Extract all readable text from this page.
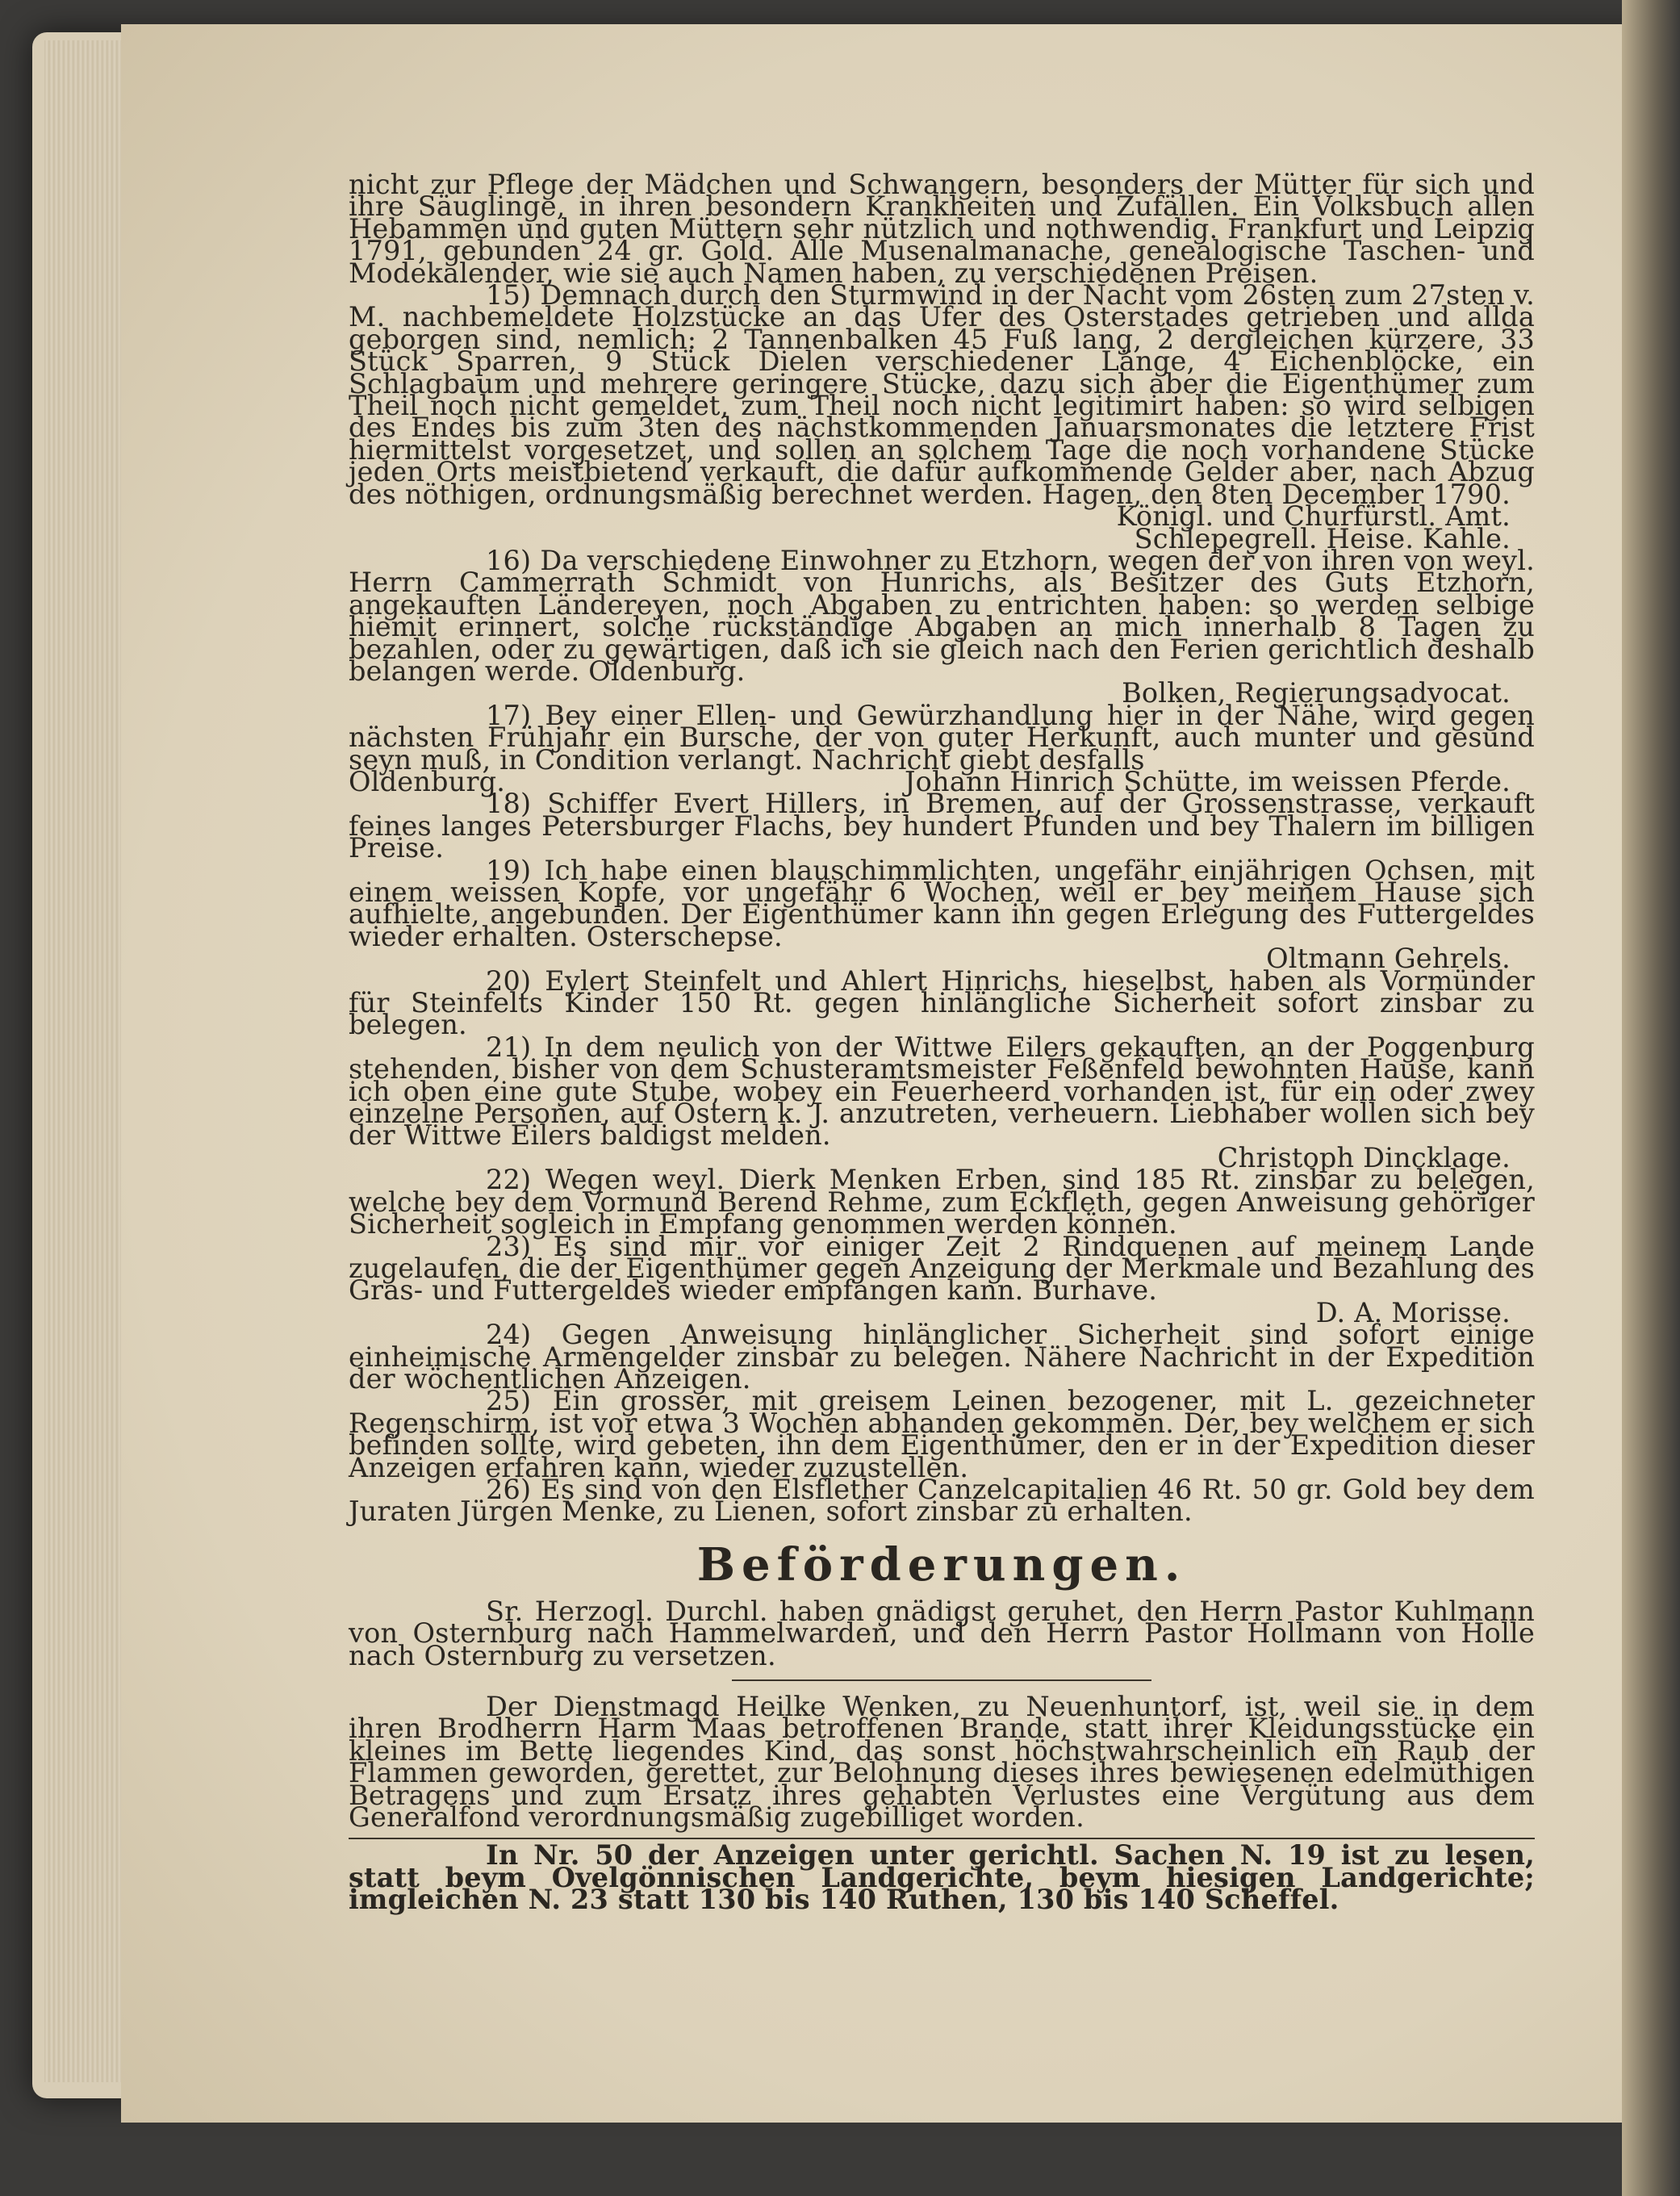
nicht zur Pflege der Mädchen und Schwangern, besonders der Mütter für sich und ihre Säuglinge, in ihren besondern Krankheiten und Zufällen. Ein Volksbuch allen Hebammen und guten Müttern sehr nützlich und nothwendig. Frankfurt und Leipzig 1791, gebunden 24 gr. Gold. Alle Musenalmanache, genealogische Taschen- und Modekalender, wie sie auch Namen haben, zu verschiedenen Preisen.

15) Demnach durch den Sturmwind in der Nacht vom 26sten zum 27sten v. M. nachbemeldete Holzstücke an das Ufer des Osterstades getrieben und allda geborgen sind, nemlich: 2 Tannenbalken 45 Fuß lang, 2 dergleichen kürzere, 33 Stück Sparren, 9 Stück Dielen verschiedener Länge, 4 Eichenblöcke, ein Schlagbaum und mehrere geringere Stücke, dazu sich aber die Eigenthümer zum Theil noch nicht gemeldet, zum Theil noch nicht legitimirt haben: so wird selbigen des Endes bis zum 3ten des nächstkommenden Januarsmonates die letztere Frist hiermittelst vorgesetzet, und sollen an solchem Tage die noch vorhandene Stücke jeden Orts meistbietend verkauft, die dafür aufkommende Gelder aber, nach Abzug des nöthigen, ordnungsmäßig berechnet werden. Hagen, den 8ten December 1790.

Königl. und Churfürstl. Amt.
Schlepegrell. Heise. Kahle.

16) Da verschiedene Einwohner zu Etzhorn, wegen der von ihren von weyl. Herrn Cammerrath Schmidt von Hunrichs, als Besitzer des Guts Etzhorn, angekauften Ländereyen, noch Abgaben zu entrichten haben: so werden selbige hiemit erinnert, solche rückständige Abgaben an mich innerhalb 8 Tagen zu bezahlen, oder zu gewärtigen, daß ich sie gleich nach den Ferien gerichtlich deshalb belangen werde. Oldenburg.

Bolken, Regierungsadvocat.

17) Bey einer Ellen- und Gewürzhandlung hier in der Nähe, wird gegen nächsten Frühjahr ein Bursche, der von guter Herkunft, auch munter und gesund seyn muß, in Condition verlangt. Nachricht giebt desfalls

Oldenburg.	Johann Hinrich Schütte, im weissen Pferde.

18) Schiffer Evert Hillers, in Bremen, auf der Grossenstrasse, verkauft feines langes Petersburger Flachs, bey hundert Pfunden und bey Thalern im billigen Preise.

19) Ich habe einen blauschimmlichten, ungefähr einjährigen Ochsen, mit einem weissen Kopfe, vor ungefähr 6 Wochen, weil er bey meinem Hause sich aufhielte, angebunden. Der Eigenthümer kann ihn gegen Erlegung des Futtergeldes wieder erhalten. Osterschepse.

Oltmann Gehrels.

20) Eylert Steinfelt und Ahlert Hinrichs, hieselbst, haben als Vormünder für Steinfelts Kinder 150 Rt. gegen hinlängliche Sicherheit sofort zinsbar zu belegen.

21) In dem neulich von der Wittwe Eilers gekauften, an der Poggenburg stehenden, bisher von dem Schusteramtsmeister Feßenfeld bewohnten Hause, kann ich oben eine gute Stube, wobey ein Feuerheerd vorhanden ist, für ein oder zwey einzelne Personen, auf Ostern k. J. anzutreten, verheuern. Liebhaber wollen sich bey der Wittwe Eilers baldigst melden.

Christoph Dincklage.

22) Wegen weyl. Dierk Menken Erben, sind 185 Rt. zinsbar zu belegen, welche bey dem Vormund Berend Rehme, zum Eckfleth, gegen Anweisung gehöriger Sicherheit sogleich in Empfang genommen werden können.

23) Es sind mir vor einiger Zeit 2 Rindquenen auf meinem Lande zugelaufen, die der Eigenthümer gegen Anzeigung der Merkmale und Bezahlung des Gras- und Futtergeldes wieder empfangen kann. Burhave.

D. A. Morisse.

24) Gegen Anweisung hinlänglicher Sicherheit sind sofort einige einheimische Armengelder zinsbar zu belegen. Nähere Nachricht in der Expedition der wöchentlichen Anzeigen.

25) Ein grosser, mit greisem Leinen bezogener, mit L. gezeichneter Regenschirm, ist vor etwa 3 Wochen abhanden gekommen. Der, bey welchem er sich befinden sollte, wird gebeten, ihn dem Eigenthümer, den er in der Expedition dieser Anzeigen erfahren kann, wieder zuzustellen.

26) Es sind von den Elsflether Canzelcapitalien 46 Rt. 50 gr. Gold bey dem Juraten Jürgen Menke, zu Lienen, sofort zinsbar zu erhalten.

Beförderungen.

Sr. Herzogl. Durchl. haben gnädigst geruhet, den Herrn Pastor Kuhlmann von Osternburg nach Hammelwarden, und den Herrn Pastor Hollmann von Holle nach Osternburg zu versetzen.

Der Dienstmagd Heilke Wenken, zu Neuenhuntorf, ist, weil sie in dem ihren Brodherrn Harm Maas betroffenen Brande, statt ihrer Kleidungsstücke ein kleines im Bette liegendes Kind, das sonst höchstwahrscheinlich ein Raub der Flammen geworden, gerettet, zur Belohnung dieses ihres bewiesenen edelmüthigen Betragens und zum Ersatz ihres gehabten Verlustes eine Vergütung aus dem Generalfond verordnungsmäßig zugebilliget worden.

In Nr. 50 der Anzeigen unter gerichtl. Sachen N. 19 ist zu lesen, statt beym Ovelgönnischen Landgerichte, beym hiesigen Landgerichte; imgleichen N. 23 statt 130 bis 140 Ruthen, 130 bis 140 Scheffel.
